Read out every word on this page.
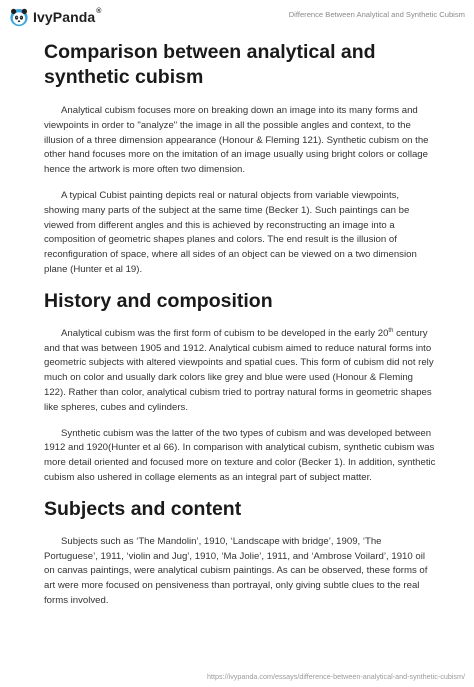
IvyPanda®	Difference Between Analytical and Synthetic Cubism
Comparison between analytical and synthetic cubism

Analytical cubism focuses more on breaking down an image into its many forms and viewpoints in order to "analyze" the image in all the possible angles and context, to the illusion of a three dimension appearance (Honour & Fleming 121). Synthetic cubism on the other hand focuses more on the imitation of an image usually using bright colors or collage hence the artwork is more often two dimension.

A typical Cubist painting depicts real or natural objects from variable viewpoints, showing many parts of the subject at the same time (Becker 1). Such paintings can be viewed from different angles and this is achieved by reconstructing an image into a composition of geometric shapes planes and colors. The end result is the illusion of reconfiguration of space, where all sides of an object can be viewed on a two dimension plane (Hunter et al 19).

History and composition

Analytical cubism was the first form of cubism to be developed in the early 20th century and that was between 1905 and 1912. Analytical cubism aimed to reduce natural forms into geometric subjects with altered viewpoints and spatial cues. This form of cubism did not rely much on color and usually dark colors like grey and blue were used (Honour & Fleming 122). Rather than color, analytical cubism tried to portray natural forms in geometric shapes like spheres, cubes and cylinders.

Synthetic cubism was the latter of the two types of cubism and was developed between 1912 and 1920(Hunter et al 66). In comparison with analytical cubism, synthetic cubism was more detail oriented and focused more on texture and color (Becker 1). In addition, synthetic cubism also ushered in collage elements as an integral part of subject matter.

Subjects and content

Subjects such as ‘The Mandolin’, 1910, ‘Landscape with bridge’, 1909, ‘The Portuguese’, 1911, ‘violin and Jug’, 1910, ‘Ma Jolie’, 1911, and ‘Ambrose Voilard’, 1910 oil on canvas paintings, were analytical cubism paintings. As can be observed, these forms of art were more focused on pensiveness than portrayal, only giving subtle clues to the real forms involved.

https://ivypanda.com/essays/difference-between-analytical-and-synthetic-cubism/
